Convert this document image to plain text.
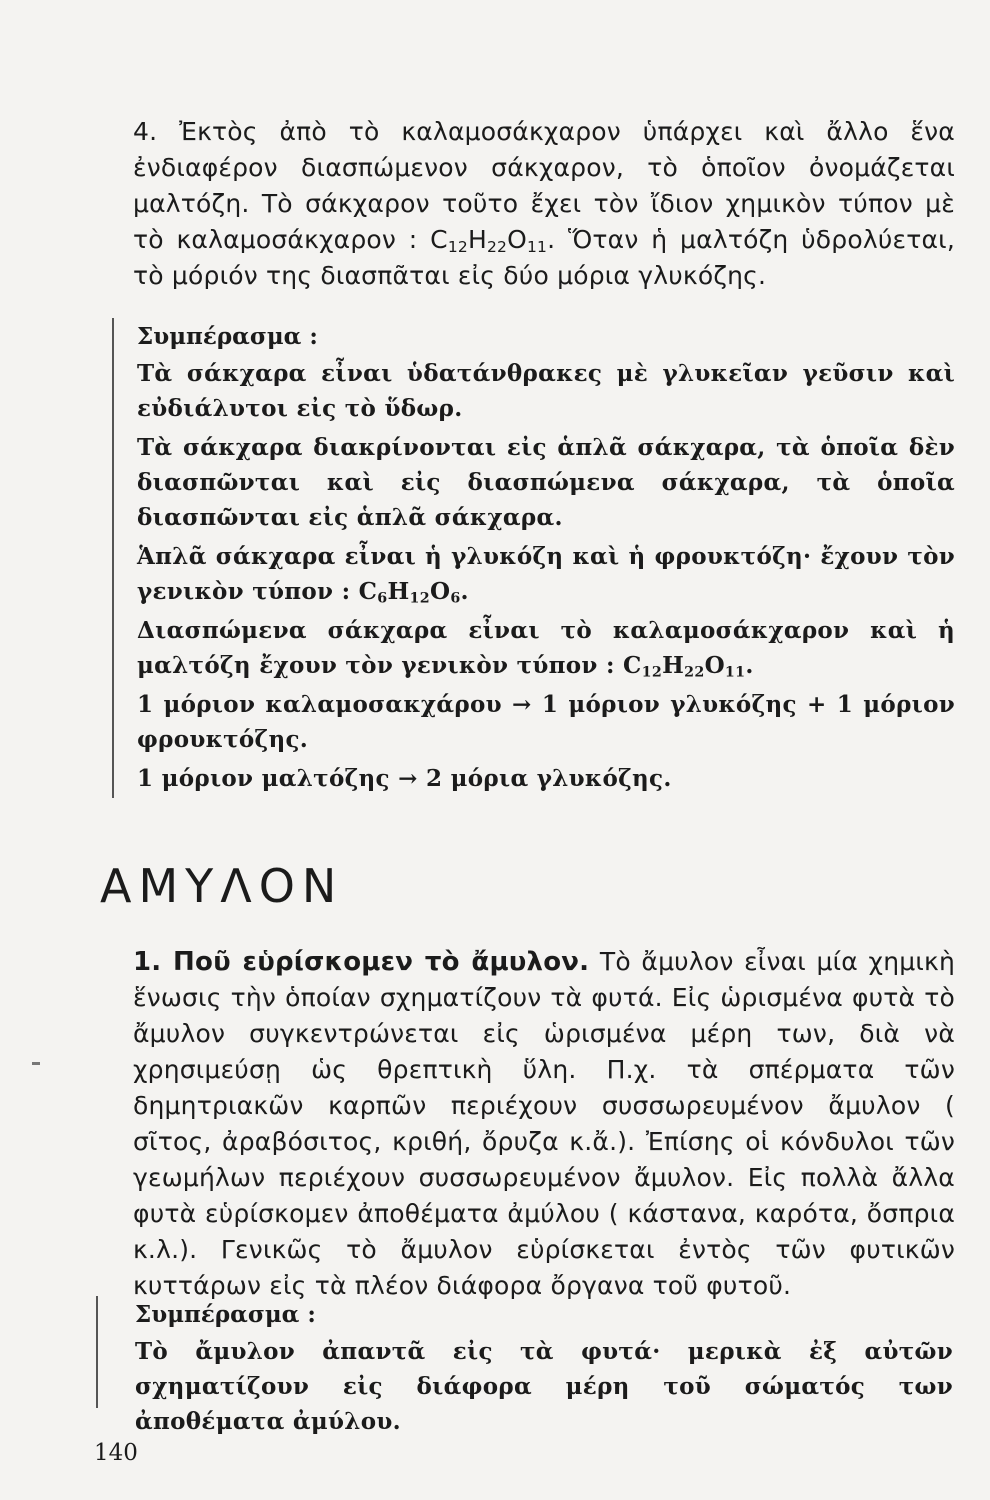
4. Ἐκτὸς ἀπὸ τὸ καλαμοσάκχαρον ὑπάρχει καὶ ἄλλο ἕνα ἐνδιαφέρον διασπώμενον σάκχαρον, τὸ ὁποῖον ὀνομάζεται μαλτόζη. Τὸ σάκχαρον τοῦτο ἔχει τὸν ἴδιον χημικὸν τύπον μὲ τὸ καλαμοσάκχαρον : $C_{12}H_{22}O_{11}$. Ὅταν ἡ μαλτόζη ὑδρολύεται, τὸ μόριόν της διασπᾶται εἰς δύο μόρια γλυκόζης.
Συμπέρασμα :
Τὰ σάκχαρα εἶναι ὑδατάνθρακες μὲ γλυκεῖαν γεῦσιν καὶ εὐδιάλυτοι εἰς τὸ ὕδωρ.
Τὰ σάκχαρα διακρίνονται εἰς ἁπλᾶ σάκχαρα, τὰ ὁποῖα δὲν διασπῶνται καὶ εἰς διασπώμενα σάκχαρα, τὰ ὁποῖα διασπῶνται εἰς ἁπλᾶ σάκχαρα.
Ἁπλᾶ σάκχαρα εἶναι ἡ γλυκόζη καὶ ἡ φρουκτόζη· ἔχουν τὸν γενικὸν τύπον : $C_6H_{12}O_6$.
Διασπώμενα σάκχαρα εἶναι τὸ καλαμοσάκχαρον καὶ ἡ μαλτόζη ἔχουν τὸν γενικὸν τύπον : $C_{12}H_{22}O_{11}$.
1 μόριον καλαμοσακχάρου → 1 μόριον γλυκόζης + 1 μόριον φρουκτόζης.
1 μόριον μαλτόζης → 2 μόρια γλυκόζης.
ΑΜΥΛΟΝ
1. Ποῦ εὑρίσκομεν τὸ ἄμυλον. Τὸ ἄμυλον εἶναι μία χημικὴ ἕνωσις τὴν ὁποίαν σχηματίζουν τὰ φυτά. Εἰς ὡρισμένα φυτὰ τὸ ἄμυλον συγκεντρώνεται εἰς ὡρισμένα μέρη των, διὰ νὰ χρησιμεύσῃ ὡς θρεπτικὴ ὕλη. Π.χ. τὰ σπέρματα τῶν δημητριακῶν καρπῶν περιέχουν συσσωρευμένον ἄμυλον ( σῖτος, ἀραβόσιτος, κριθή, ὄρυζα κ.ἄ.). Ἐπίσης οἱ κόνδυλοι τῶν γεωμήλων περιέχουν συσσωρευμένον ἄμυλον. Εἰς πολλὰ ἄλλα φυτὰ εὑρίσκομεν ἀποθέματα ἀμύλου ( κάστανα, καρότα, ὄσπρια κ.λ.). Γενικῶς τὸ ἄμυλον εὑρίσκεται ἐντὸς τῶν φυτικῶν κυττάρων εἰς τὰ πλέον διάφορα ὄργανα τοῦ φυτοῦ.
Συμπέρασμα :
Τὸ ἄμυλον ἀπαντᾶ εἰς τὰ φυτά· μερικὰ ἐξ αὐτῶν σχηματίζουν εἰς διάφορα μέρη τοῦ σώματός των ἀποθέματα ἀμύλου.
140
